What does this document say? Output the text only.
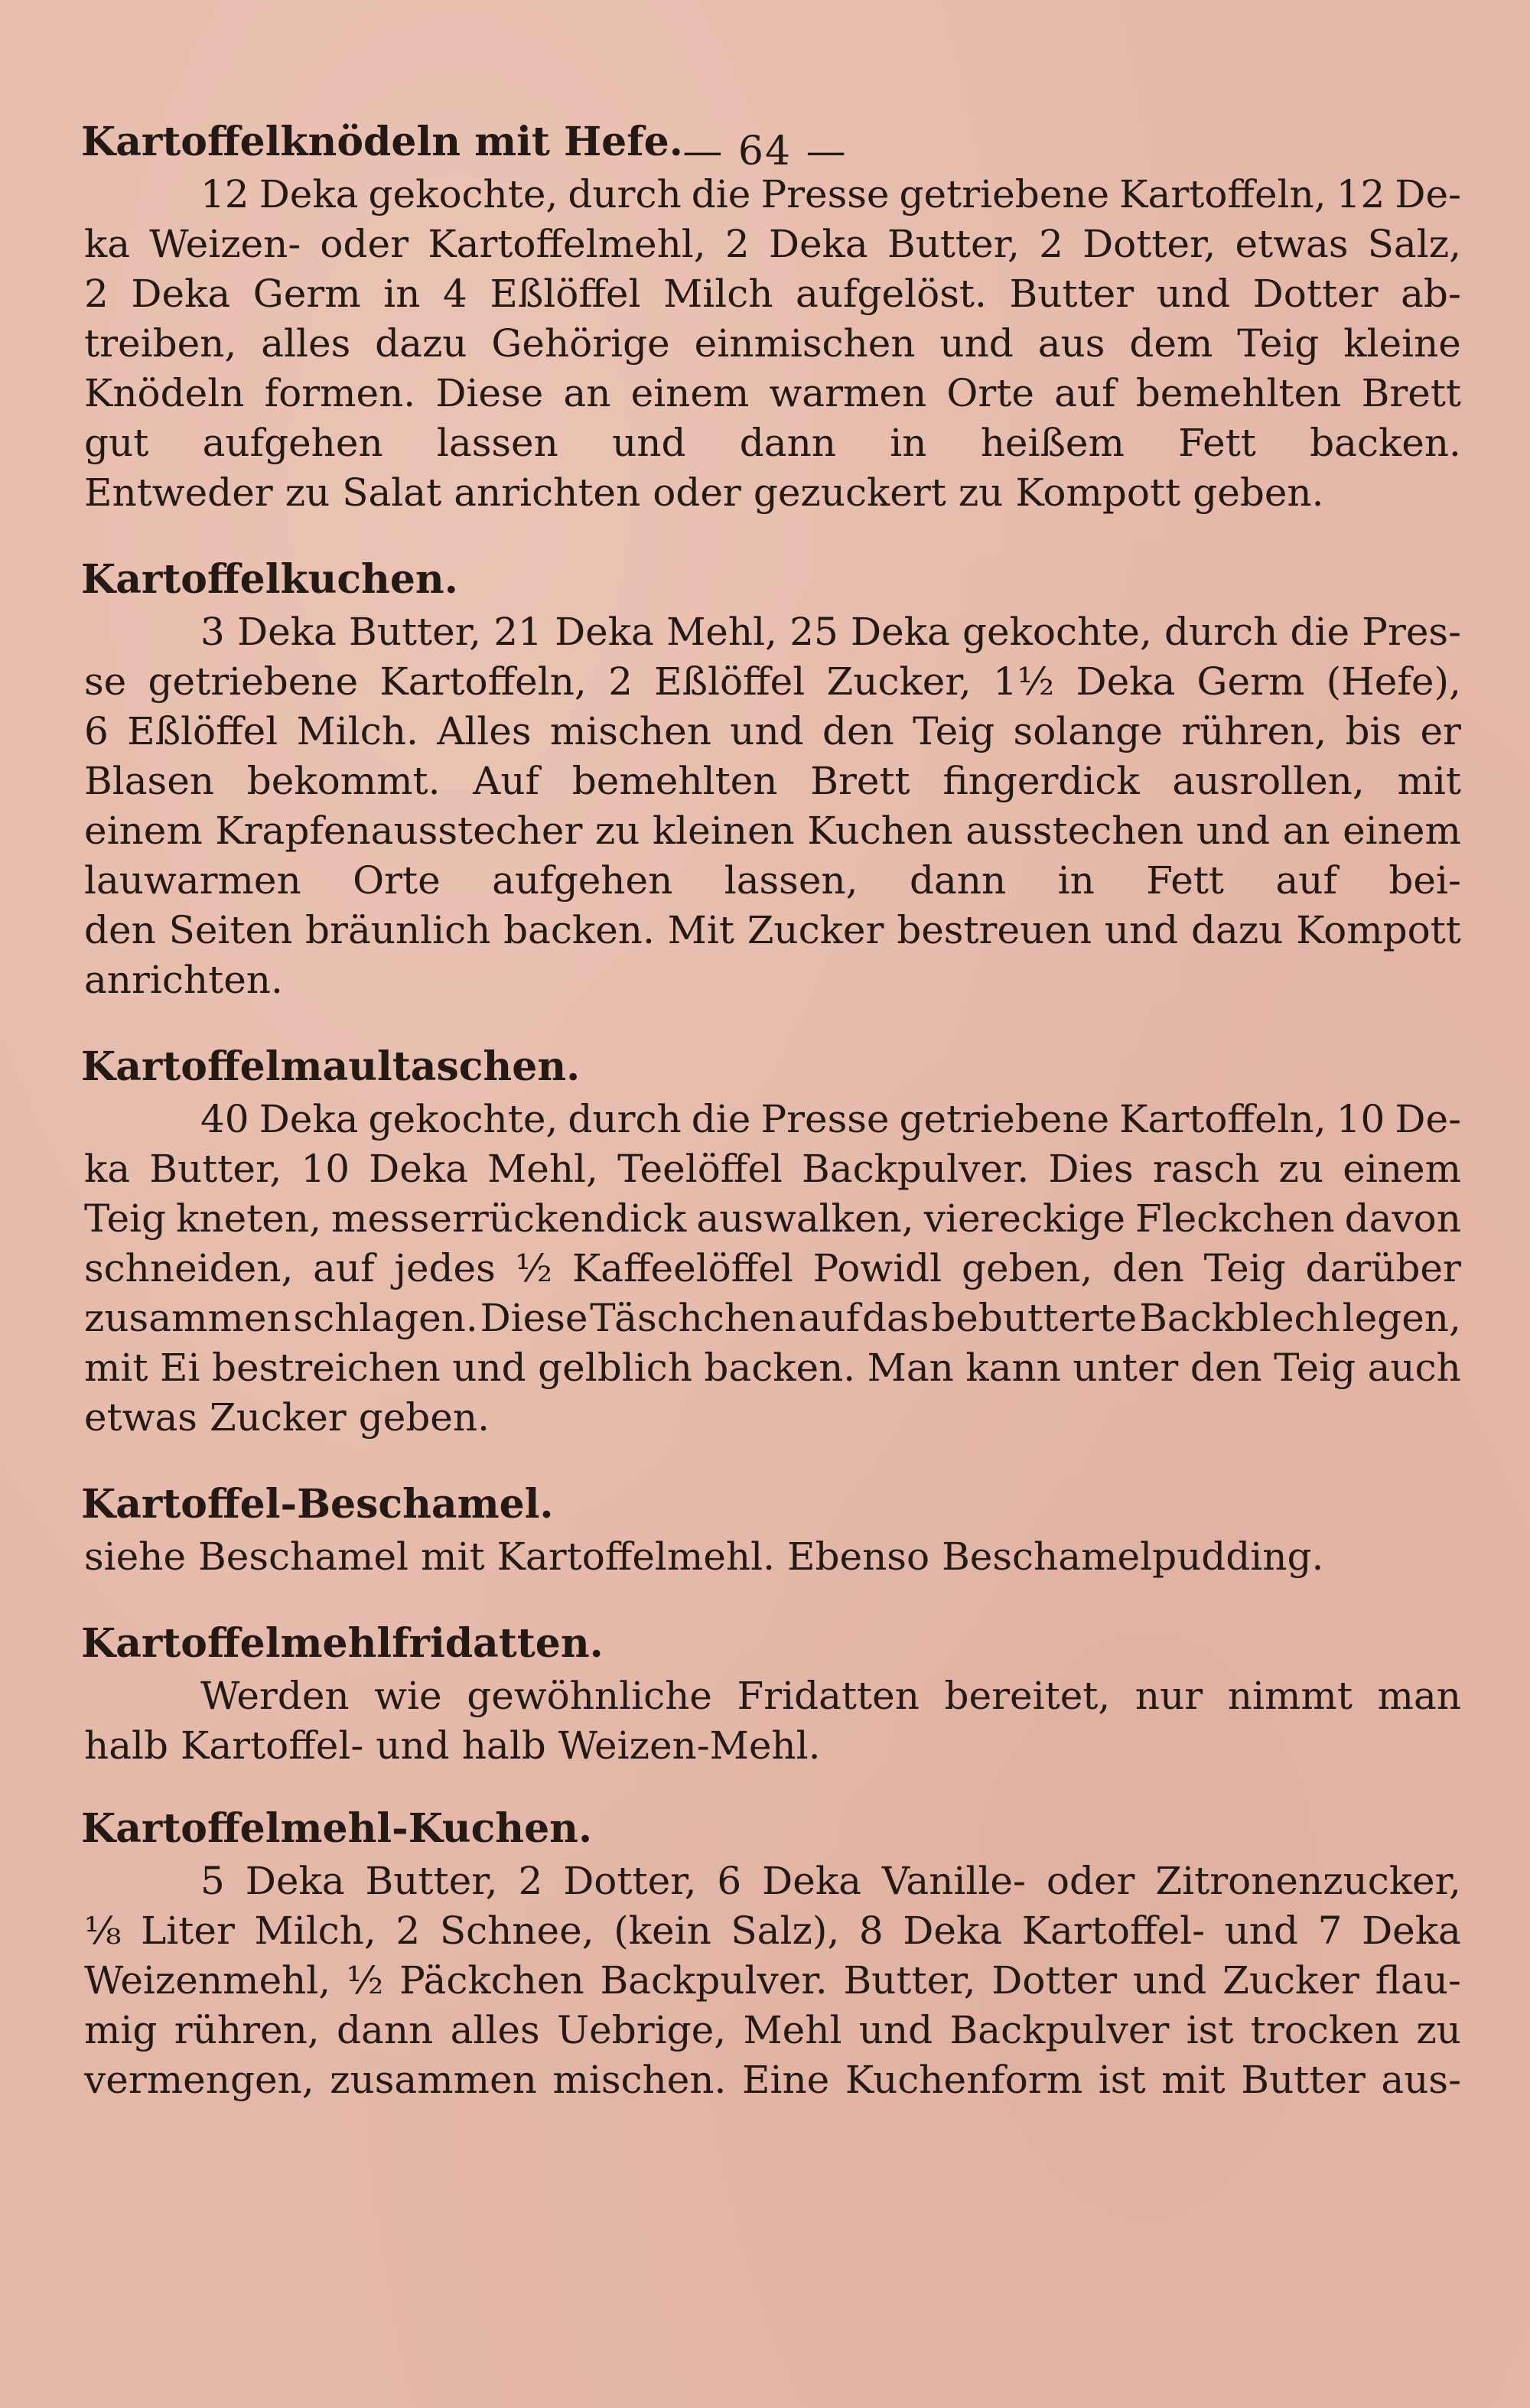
— 64 —
Kartoffelknödeln mit Hefe.
12 Deka gekochte, durch die Presse getriebene Kartoffeln, 12 De-
ka Weizen- oder Kartoffelmehl, 2 Deka Butter, 2 Dotter, etwas Salz,
2 Deka Germ in 4 Eßlöffel Milch aufgelöst. Butter und Dotter ab-
treiben, alles dazu Gehörige einmischen und aus dem Teig kleine
Knödeln formen. Diese an einem warmen Orte auf bemehlten Brett
gut aufgehen lassen und dann in heißem Fett backen.
Entweder zu Salat anrichten oder gezuckert zu Kompott geben.
Kartoffelkuchen.
3 Deka Butter, 21 Deka Mehl, 25 Deka gekochte, durch die Pres-
se getriebene Kartoffeln, 2 Eßlöffel Zucker, 1½ Deka Germ (Hefe),
6 Eßlöffel Milch. Alles mischen und den Teig solange rühren, bis er
Blasen bekommt. Auf bemehlten Brett fingerdick ausrollen, mit
einem Krapfenausstecher zu kleinen Kuchen ausstechen und an einem
lauwarmen Orte aufgehen lassen, dann in Fett auf bei-
den Seiten bräunlich backen. Mit Zucker bestreuen und dazu Kompott
anrichten.
Kartoffelmaultaschen.
40 Deka gekochte, durch die Presse getriebene Kartoffeln, 10 De-
ka Butter, 10 Deka Mehl, Teelöffel Backpulver. Dies rasch zu einem
Teig kneten, messerrückendick auswalken, viereckige Fleckchen davon
schneiden, auf jedes ½ Kaffeelöffel Powidl geben, den Teig darüber
zusammen schlagen. Diese Täschchen auf das bebutterte Backblech legen,
mit Ei bestreichen und gelblich backen. Man kann unter den Teig auch
etwas Zucker geben.
Kartoffel-Beschamel.
siehe Beschamel mit Kartoffelmehl. Ebenso Beschamelpudding.
Kartoffelmehlfridatten.
Werden wie gewöhnliche Fridatten bereitet, nur nimmt man
halb Kartoffel- und halb Weizen-Mehl.
Kartoffelmehl-Kuchen.
5 Deka Butter, 2 Dotter, 6 Deka Vanille- oder Zitronenzucker,
⅛ Liter Milch, 2 Schnee, (kein Salz), 8 Deka Kartoffel- und 7 Deka
Weizenmehl, ½ Päckchen Backpulver. Butter, Dotter und Zucker flau-
mig rühren, dann alles Uebrige, Mehl und Backpulver ist trocken zu
vermengen, zusammen mischen. Eine Kuchenform ist mit Butter aus-
